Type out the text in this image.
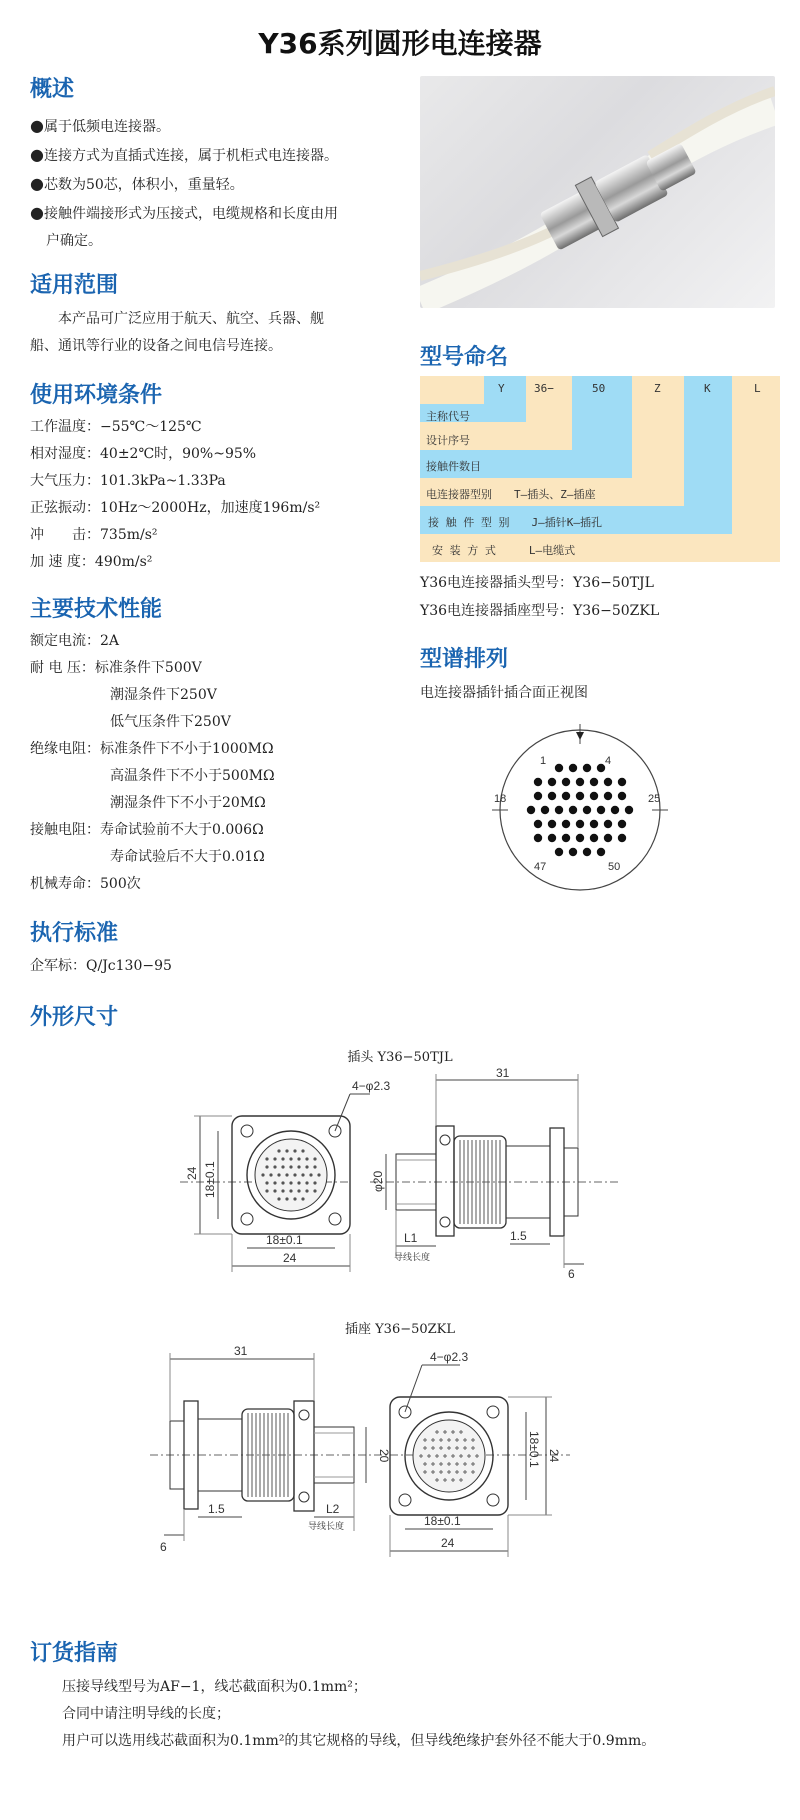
Y36系列圆形电连接器
概述
●属于低频电连接器。
●连接方式为直插式连接，属于机柜式电连接器。
●芯数为50芯，体积小，重量轻。
●接触件端接形式为压接式，电缆规格和长度由用
户确定。
适用范围
本产品可广泛应用于航天、航空、兵器、舰
船、通讯等行业的设备之间电信号连接。
使用环境条件
工作温度：−55℃～125℃
相对湿度：40±2℃时，90%~95%
大气压力：101.3kPa~1.33Pa
正弦振动：10Hz～2000Hz，加速度196m/s²
冲　　击：735m/s²
加 速 度：490m/s²
主要技术性能
额定电流：2A
耐 电 压：标准条件下500V
潮湿条件下250V
低气压条件下250V
绝缘电阻：标准条件下不小于1000MΩ
高温条件下不小于500MΩ
潮湿条件下不小于20MΩ
接触电阻：寿命试验前不大于0.006Ω
寿命试验后不大于0.01Ω
机械寿命：500次
执行标准
企军标：Q/Jc130−95
外形尺寸
型号命名
Y	36−	50	Z	K	L
主称代号
设计序号
接触件数目
电连接器型别　　T—插头、Z—插座
接 触 件 型 别　　J—插针K—插孔
安 装 方 式　　　L—电缆式
Y36电连接器插头型号：Y36−50TJL
Y36电连接器插座型号：Y36−50ZKL
型谱排列
电连接器插针插合面正视图
1	4
18	25
47	50
插头 Y36−50TJL
4−φ2.3
24 18±0.1
18±0.1
24
φ20
31
L1
导线长度
1.5
6
插座 Y36−50ZKL
31
20
1.5
6
L2
导线长度
4−φ2.3
18±0.1 24
18±0.1
24
订货指南
压接导线型号为AF−1，线芯截面积为0.1mm²；
合同中请注明导线的长度；
用户可以选用线芯截面积为0.1mm²的其它规格的导线，但导线绝缘护套外径不能大于0.9mm。
